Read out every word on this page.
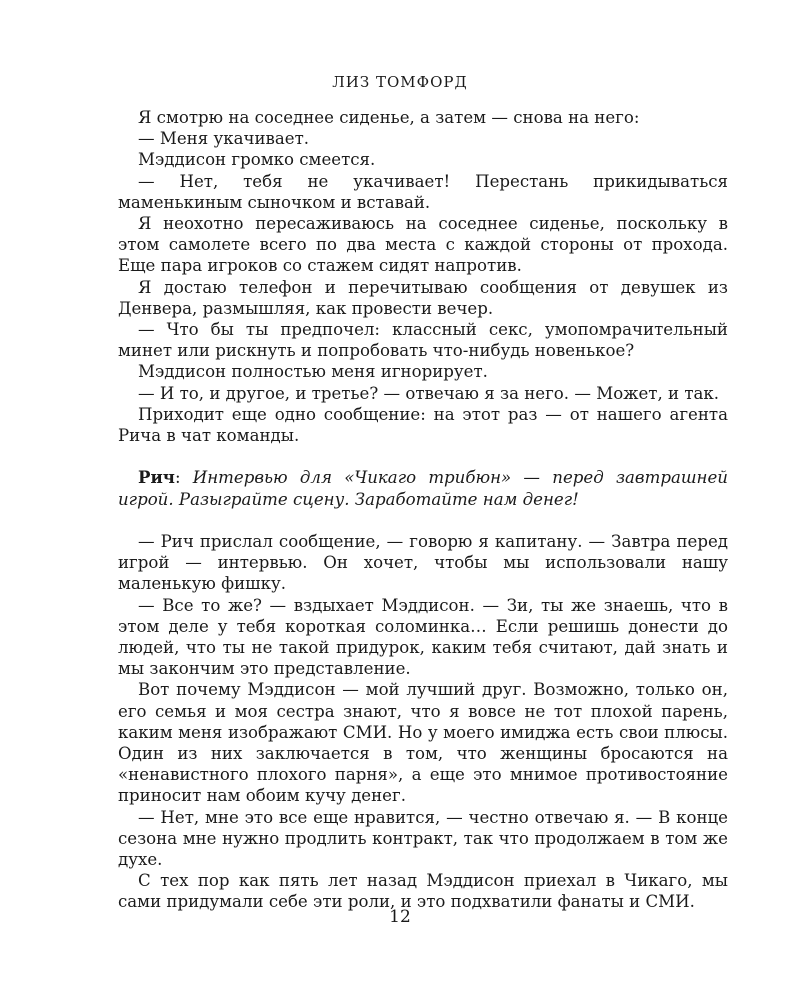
ЛИЗ ТОМФОРД

Я смотрю на соседнее сиденье, а затем — снова на него:

— Меня укачивает.

Мэддисон громко смеется.

— Нет, тебя не укачивает! Перестань прикидываться маменькиным сыночком и вставай.

Я неохотно пересаживаюсь на соседнее сиденье, поскольку в этом самолете всего по два места с каждой стороны от прохода. Еще пара игроков со стажем сидят напротив.

Я достаю телефон и перечитываю сообщения от девушек из Денвера, размышляя, как провести вечер.

— Что бы ты предпочел: классный секс, умопомрачительный минет или рискнуть и попробовать что-нибудь новенькое?

Мэддисон полностью меня игнорирует.

— И то, и другое, и третье? — отвечаю я за него. — Может, и так.

Приходит еще одно сообщение: на этот раз — от нашего агента Рича в чат команды.

Рич: Интервью для «Чикаго трибюн» — перед завтрашней игрой. Разыграйте сцену. Заработайте нам денег!

— Рич прислал сообщение, — говорю я капитану. — Завтра перед игрой — интервью. Он хочет, чтобы мы использовали нашу маленькую фишку.

— Все то же? — вздыхает Мэддисон. — Зи, ты же знаешь, что в этом деле у тебя короткая соломинка… Если решишь донести до людей, что ты не такой придурок, каким тебя считают, дай знать и мы закончим это представление.

Вот почему Мэддисон — мой лучший друг. Возможно, только он, его семья и моя сестра знают, что я вовсе не тот плохой парень, каким меня изображают СМИ. Но у моего имиджа есть свои плюсы. Один из них заключается в том, что женщины бросаются на «ненавистного плохого парня», а еще это мнимое противостояние приносит нам обоим кучу денег.

— Нет, мне это все еще нравится, — честно отвечаю я. — В конце сезона мне нужно продлить контракт, так что продолжаем в том же духе.

С тех пор как пять лет назад Мэддисон приехал в Чикаго, мы сами придумали себе эти роли, и это подхватили фанаты и СМИ.

12
